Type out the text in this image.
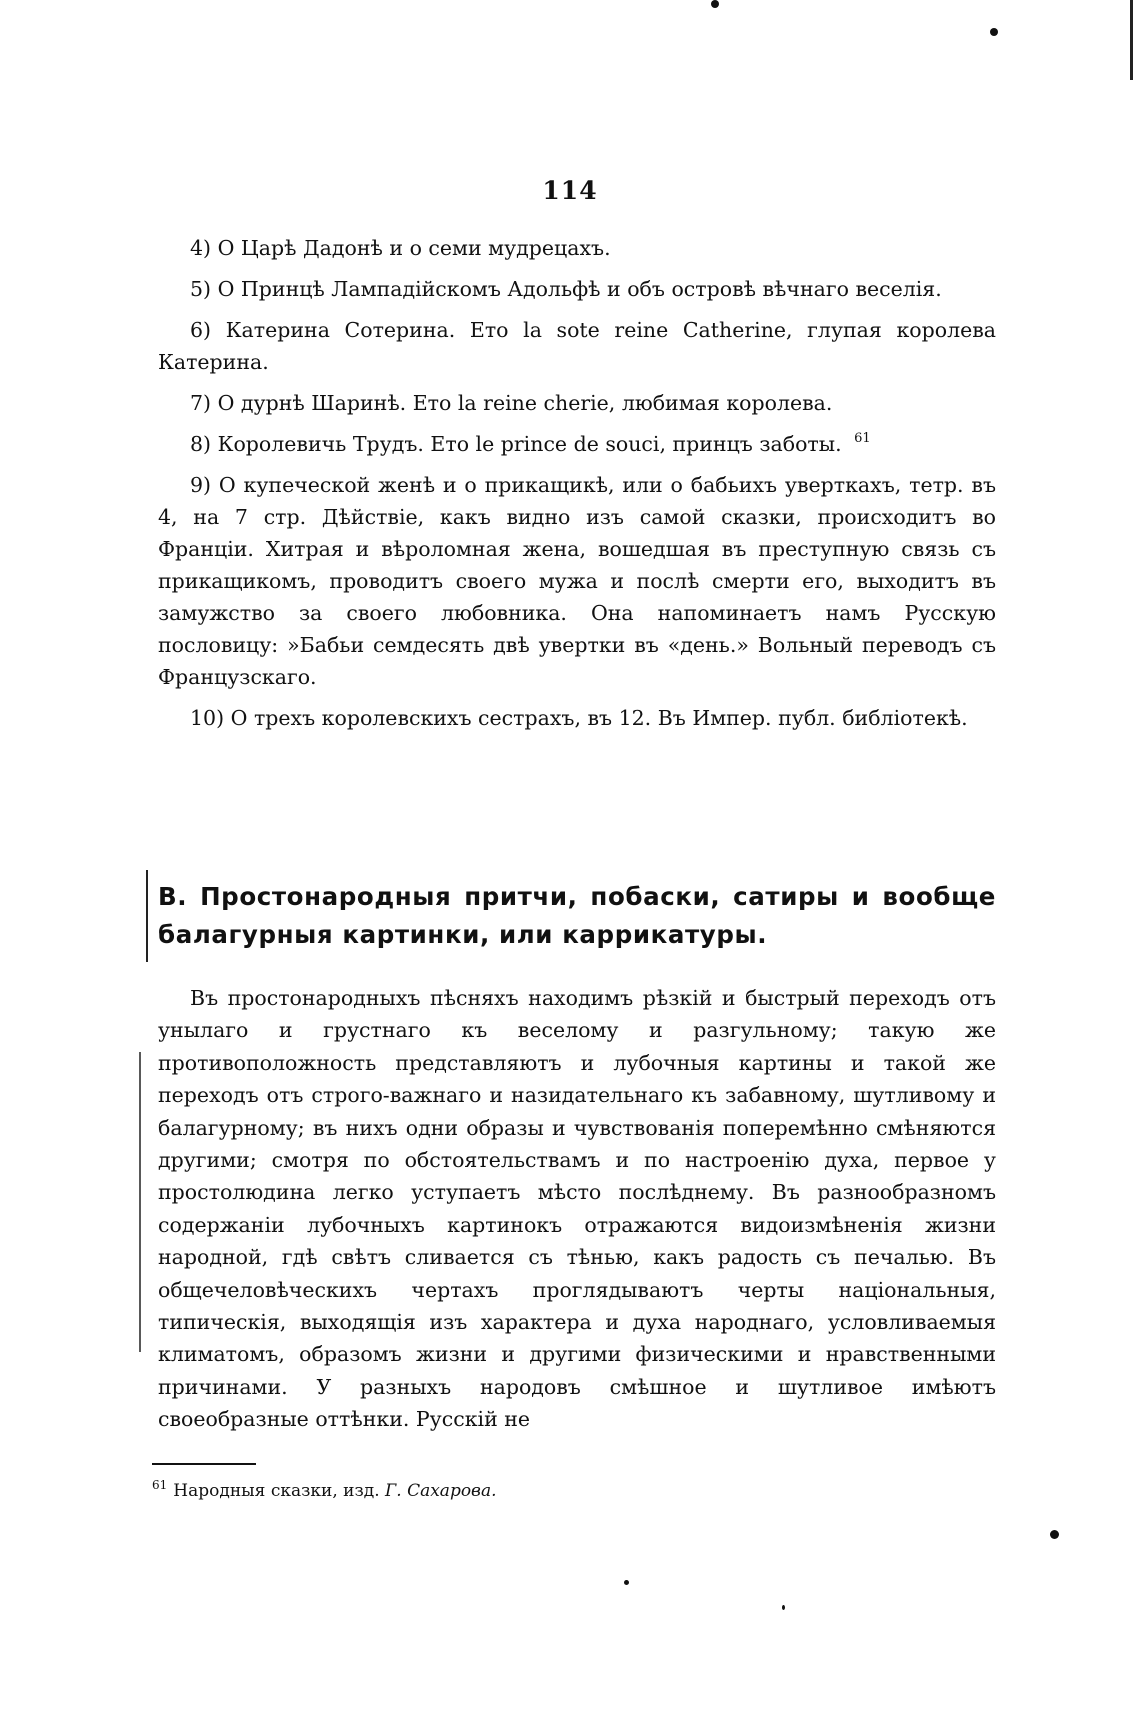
114

4) О Царѣ Дадонѣ и о семи мудрецахъ.

5) О Принцѣ Лампадійскомъ Адольфѣ и объ островѣ вѣчнаго веселія.

6) Катерина Сотерина. Ето la sote reine Catherine, глупая королева Катерина.

7) О дурнѣ Шаринѣ. Ето la reine cherie, любимая королева.

8) Королевичь Трудъ. Ето le prince de souci, принцъ заботы. $^{61}$

9) О купеческой женѣ и о прикащикѣ, или о бабьихъ уверткахъ, тетр. въ 4, на 7 стр. Дѣйствіе, какъ видно изъ самой сказки, происходитъ во Франціи. Хитрая и вѣроломная жена, вошедшая въ преступную связь съ прикащикомъ, проводитъ своего мужа и послѣ смерти его, выходитъ въ замужство за своего любовника. Она напоминаетъ намъ Русскую пословицу: »Бабьи семдесять двѣ увертки въ «день.» Вольный переводъ съ Французскаго.

10) О трехъ королевскихъ сестрахъ, въ 12. Въ Импер. публ. библіотекѣ.

В. Простонародныя притчи, побаски, сатиры и вообще балагурныя картинки, или каррикатуры.
Въ простонародныхъ пѣсняхъ находимъ рѣзкій и быстрый переходъ отъ унылаго и грустнаго къ веселому и разгульному; такую же противоположность представляютъ и лубочныя картины и такой же переходъ отъ строго-важнаго и назидательнаго къ забавному, шутливому и балагурному; въ нихъ одни образы и чувствованія поперемѣнно смѣняются другими; смотря по обстоятельствамъ и по настроенію духа, первое у простолюдина легко уступаетъ мѣсто послѣднему. Въ разнообразномъ содержаніи лубочныхъ картинокъ отражаются видоизмѣненія жизни народной, гдѣ свѣтъ сливается съ тѣнью, какъ радость съ печалью. Въ общечеловѣческихъ чертахъ проглядываютъ черты національныя, типическія, выходящія изъ характера и духа народнаго, условливаемыя климатомъ, образомъ жизни и другими физическими и нравственными причинами. У разныхъ народовъ смѣшное и шутливое имѣютъ своеобразные оттѣнки. Русскій не
$^{61}$ Народныя сказки, изд. Г. Сахарова.
